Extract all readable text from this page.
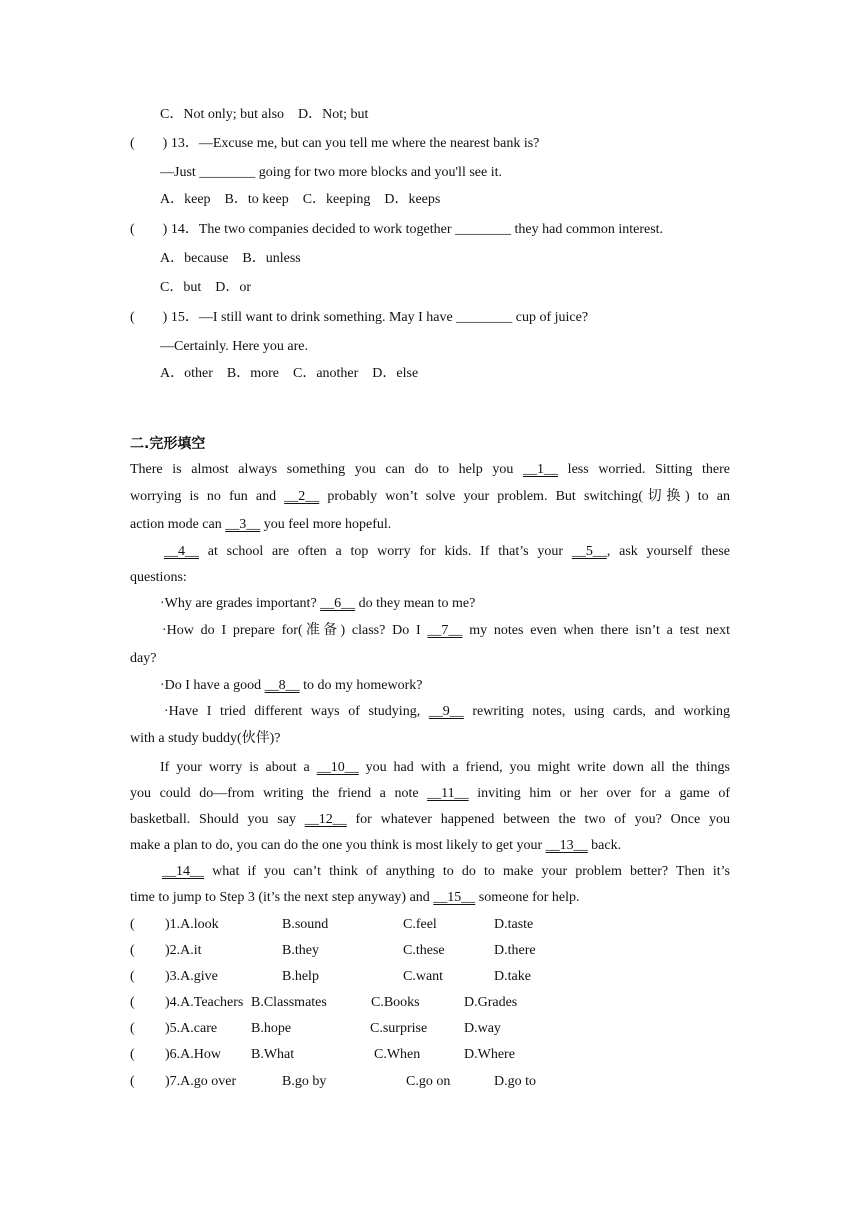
C．Not only; but also    D．Not; but
(        ) 13．—Excuse me, but can you tell me where the nearest bank is?
—Just ________ going for two more blocks and you'll see it.
A．keep    B．to keep    C．keeping    D．keeps
(        ) 14．The two companies decided to work together ________ they had common interest.
A．because    B．unless
C．but    D．or
(        ) 15．—I still want to drink something. May I have ________ cup of juice?
—Certainly. Here you are.
A．other    B．more    C．another    D．else
二.完形填空
There is almost always something you can do to help you __1__ less worried. Sitting there
worrying is no fun and __2__ probably won’t solve your problem. But switching(切换) to an
action mode can __3__ you feel more hopeful.
__4__ at school are often a top worry for kids. If that’s your __5__, ask yourself these
questions:
·Why are grades important? __6__ do they mean to me?
·How do I prepare for(准备) class? Do I __7__ my notes even when there isn’t a test next
day?
·Do I have a good __8__ to do my homework?
·Have I tried different ways of studying, __9__ rewriting notes, using cards, and working
with a study buddy(伙伴)?
If your worry is about a __10__ you had with a friend, you might write down all the things
you could do—from writing the friend a note __11__ inviting him or her over for a game of
basketball. Should you say __12__ for whatever happened between the two of you? Once you
make a plan to do, you can do the one you think is most likely to get your __13__ back.
__14__ what if you can’t think of anything to do to make your problem better? Then it’s
time to jump to Step 3 (it’s the next step anyway) and __15__ someone for help.
( )1.A.look	B.sound	C.feel	D.taste
( )2.A.it	B.they	C.these	D.there
( )3.A.give	B.help	C.want	D.take
( )4.A.Teachers B.Classmates	C.Books	D.Grades
( )5.A.care B.hope	C.surprise	D.way
( )6.A.How B.What	C.When	D.Where
( )7.A.go over	B.go by	C.go on	D.go to
